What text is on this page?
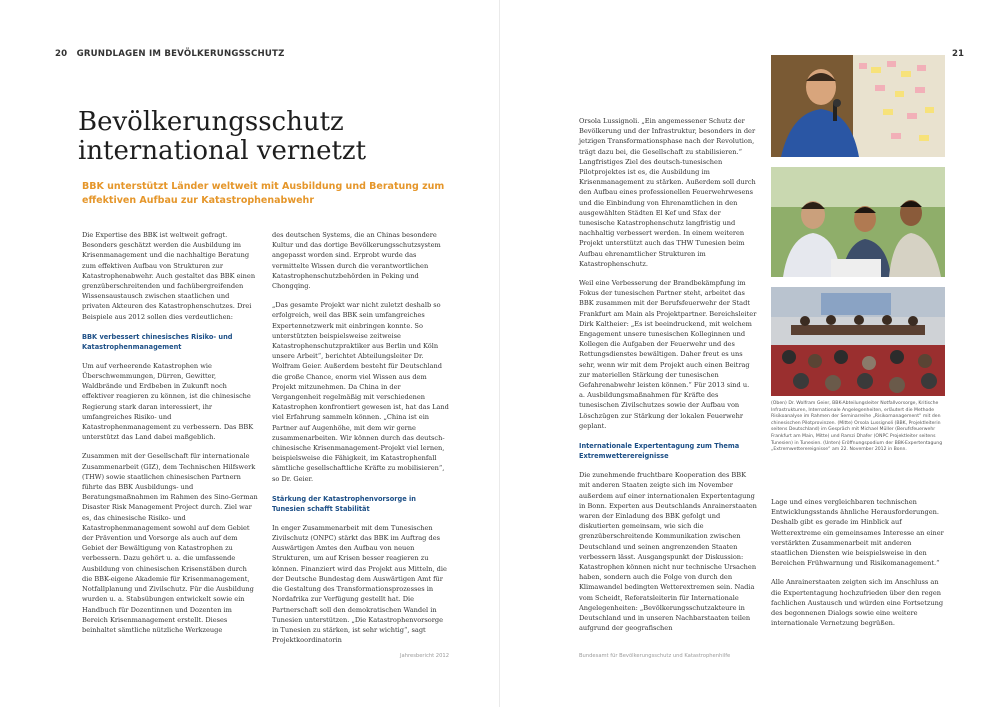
20 GRUNDLAGEN IM BEVÖLKERUNGSSCHUTZ
Bevölkerungsschutz
international vernetzt
BBK unterstützt Länder weltweit mit Ausbildung und Beratung zum effektiven Aufbau zur Katastrophenabwehr

Die Expertise des BBK ist weltweit gefragt. Besonders geschätzt werden die Ausbildung im Krisenmanagement und die nachhaltige Beratung zum effektiven Aufbau von Strukturen zur Katastrophenabwehr. Auch gestaltet das BBK einen grenzüberschreitenden und fachübergreifenden Wissensaustausch zwischen staatlichen und privaten Akteuren des Katastrophenschutzes. Drei Beispiele aus 2012 sollen dies verdeutlichen:

BBK verbessert chinesisches Risiko- und Katastrophenmanagement

Um auf verheerende Katastrophen wie Überschwemmungen, Dürren, Gewitter, Waldbrände und Erdbeben in Zukunft noch effektiver reagieren zu können, ist die chinesische Regierung stark daran interessiert, ihr umfangreiches Risiko- und Katastrophenmanagement zu verbessern. Das BBK unterstützt das Land dabei maßgeblich.

Zusammen mit der Gesellschaft für internationale Zusammenarbeit (GIZ), dem Technischen Hilfswerk (THW) sowie staatlichen chinesischen Partnern führte das BBK Ausbildungs- und Beratungsmaßnahmen im Rahmen des Sino-German Disaster Risk Management Project durch. Ziel war es, das chinesische Risiko- und Katastrophenmanagement sowohl auf dem Gebiet der Prävention und Vorsorge als auch auf dem Gebiet der Bewältigung von Katastrophen zu verbessern. Dazu gehört u. a. die umfassende Ausbildung von chinesischen Krisenstäben durch die BBK-eigene Akademie für Krisenmanagement, Notfallplanung und Zivilschutz. Für die Ausbildung wurden u. a. Stabsübungen entwickelt sowie ein Handbuch für Dozentinnen und Dozenten im Bereich Krisenmanagement erstellt. Dieses beinhaltet sämtliche nützliche Werkzeuge

des deutschen Systems, die an Chinas besondere Kultur und das dortige Bevölkerungsschutzsystem angepasst worden sind. Erprobt wurde das vermittelte Wissen durch die verantwortlichen Katastrophenschutzbehörden in Peking und Chongqing.

„Das gesamte Projekt war nicht zuletzt deshalb so erfolgreich, weil das BBK sein umfangreiches Expertennetzwerk mit einbringen konnte. So unterstützten beispielsweise zeitweise Katastrophenschutzpraktiker aus Berlin und Köln unsere Arbeit“, berichtet Abteilungsleiter Dr. Wolfram Geier. Außerdem besteht für Deutschland die große Chance, enorm viel Wissen aus dem Projekt mitzunehmen. Da China in der Vergangenheit regelmäßig mit verschiedenen Katastrophen konfrontiert gewesen ist, hat das Land viel Erfahrung sammeln können. „China ist ein Partner auf Augenhöhe, mit dem wir gerne zusammenarbeiten. Wir können durch das deutsch-chinesische Krisenmanagement-Projekt viel lernen, beispielsweise die Fähigkeit, im Katastrophenfall sämtliche gesellschaftliche Kräfte zu mobilisieren“, so Dr. Geier.

Stärkung der Katastrophenvorsorge in Tunesien schafft Stabilität

In enger Zusammenarbeit mit dem Tunesischen Zivilschutz (ONPC) stärkt das BBK im Auftrag des Auswärtigen Amtes den Aufbau von neuen Strukturen, um auf Krisen besser reagieren zu können. Finanziert wird das Projekt aus Mitteln, die der Deutsche Bundestag dem Auswärtigen Amt für die Gestaltung des Transformationsprozesses in Nordafrika zur Verfügung gestellt hat. Die Partnerschaft soll den demokratischen Wandel in Tunesien unterstützen. „Die Katastrophenvorsorge in Tunesien zu stärken, ist sehr wichtig“, sagt Projektkoordinatorin

Jahresbericht 2012
21

Orsola Lussignoli. „Ein angemessener Schutz der Bevölkerung und der Infrastruktur, besonders in der jetzigen Transformationsphase nach der Revolution, trägt dazu bei, die Gesellschaft zu stabilisieren.“ Langfristiges Ziel des deutsch-tunesischen Pilotprojektes ist es, die Ausbildung im Krisenmanagement zu stärken. Außerdem soll durch den Aufbau eines professionellen Feuerwehrwesens und die Einbindung von Ehrenamtlichen in den ausgewählten Städten El Kef und Sfax der tunesische Katastrophenschutz langfristig und nachhaltig verbessert werden. In einem weiteren Projekt unterstützt auch das THW Tunesien beim Aufbau ehrenamtlicher Strukturen im Katastrophenschutz.

Weil eine Verbesserung der Brandbekämpfung im Fokus der tunesischen Partner steht, arbeitet das BBK zusammen mit der Berufsfeuerwehr der Stadt Frankfurt am Main als Projektpartner. Bereichsleiter Dirk Kaltheier: „Es ist beeindruckend, mit welchem Engagement unsere tunesischen Kolleginnen und Kollegen die Aufgaben der Feuerwehr und des Rettungsdienstes bewältigen. Daher freut es uns sehr, wenn wir mit dem Projekt auch einen Beitrag zur materiellen Stärkung der tunesischen Gefahrenabwehr leisten können.“ Für 2013 sind u. a. Ausbildungsmaßnahmen für Kräfte des tunesischen Zivilschutzes sowie der Aufbau von Löschzügen zur Stärkung der lokalen Feuerwehr geplant.

Internationale Expertentagung zum Thema Extremwetterereignisse

Die zunehmende fruchtbare Kooperation des BBK mit anderen Staaten zeigte sich im November außerdem auf einer internationalen Expertentagung in Bonn. Experten aus Deutschlands Anrainerstaaten waren der Einladung des BBK gefolgt und diskutierten gemeinsam, wie sich die grenzüberschreitende Kommunikation zwischen Deutschland und seinen angrenzenden Staaten verbessern lässt. Ausgangspunkt der Diskussion: Katastrophen können nicht nur technische Ursachen haben, sondern auch die Folge von durch den Klimawandel bedingten Wetterextremen sein. Nadia vom Scheidt, Referatsleiterin für Internationale Angelegenheiten: „Bevölkerungsschutzakteure in Deutschland und in unseren Nachbarstaaten teilen aufgrund der geografischen

(Oben) Dr. Wolfram Geier, BBK-Abteilungsleiter Notfallvorsorge, Kritische Infrastrukturen, Internationale Angelegenheiten, erläutert die Methode Risikoanalyse im Rahmen der Seminarreihe „Risikomanagement“ mit den chinesischen Pilotprovinzen. (Mitte) Orsola Lussignoli (BBK, Projektleiterin seitens Deutschland) im Gespräch mit Michael Müller (Berufsfeuerwehr Frankfurt am Main, Mitte) und Ramzi Dhafer (ONPC Projektleiter seitens Tunesien) in Tunesien. (Unten) Eröffnungspodium der BBK-Expertentagung „Extremwetterereignisse“ am 22. November 2012 in Bonn.

Lage und eines vergleichbaren technischen Entwicklungsstands ähnliche Herausforderungen. Deshalb gibt es gerade im Hinblick auf Wetterextreme ein gemeinsames Interesse an einer verstärkten Zusammenarbeit mit anderen staatlichen Diensten wie beispielsweise in den Bereichen Frühwarnung und Risikomanagement.“

Alle Anrainerstaaten zeigten sich im Anschluss an die Expertentagung hochzufrieden über den regen fachlichen Austausch und würden eine Fortsetzung des begonnenen Dialogs sowie eine weitere internationale Vernetzung begrüßen.

Bundesamt für Bevölkerungsschutz und Katastrophenhilfe
